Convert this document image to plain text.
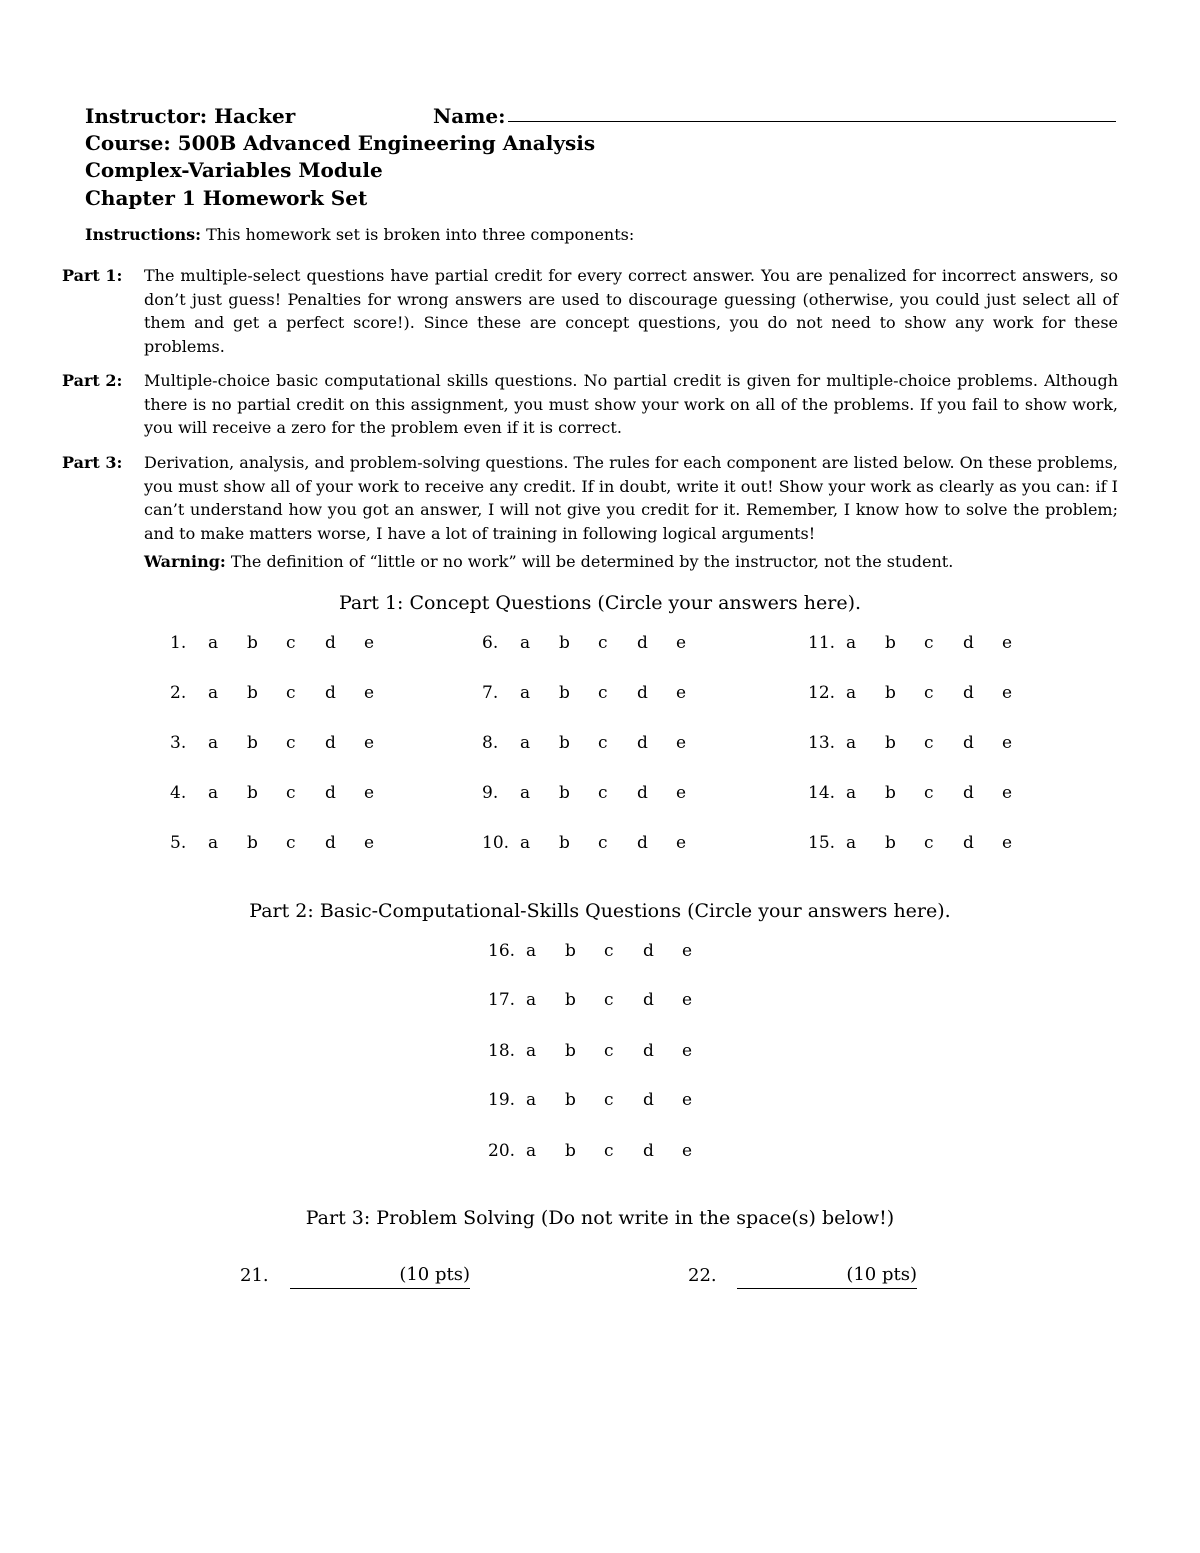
Instructor: Hacker	Name:
Course: 500B Advanced Engineering Analysis
Complex-Variables Module
Chapter 1 Homework Set
Instructions: This homework set is broken into three components:
Part 1: The multiple-select questions have partial credit for every correct answer. You are penalized for incorrect answers, so don’t just guess! Penalties for wrong answers are used to discourage guessing (otherwise, you could just select all of them and get a perfect score!). Since these are concept questions, you do not need to show any work for these problems.
Part 2: Multiple-choice basic computational skills questions. No partial credit is given for multiple-choice problems. Although there is no partial credit on this assignment, you must show your work on all of the problems. If you fail to show work, you will receive a zero for the problem even if it is correct.
Part 3: Derivation, analysis, and problem-solving questions. The rules for each component are listed below. On these problems, you must show all of your work to receive any credit. If in doubt, write it out! Show your work as clearly as you can: if I can’t understand how you got an answer, I will not give you credit for it. Remember, I know how to solve the problem; and to make matters worse, I have a lot of training in following logical arguments!
Warning: The definition of “little or no work” will be determined by the instructor, not the student.
Part 1: Concept Questions (Circle your answers here).
1. a b c d e
2. a b c d e
3. a b c d e
4. a b c d e
5. a b c d e
6. a b c d e
7. a b c d e
8. a b c d e
9. a b c d e
10. a b c d e
11. a b c d e
12. a b c d e
13. a b c d e
14. a b c d e
15. a b c d e
Part 2: Basic-Computational-Skills Questions (Circle your answers here).
16. a b c d e
17. a b c d e
18. a b c d e
19. a b c d e
20. a b c d e
Part 3: Problem Solving (Do not write in the space(s) below!)
21.	(10 pts)	22.	(10 pts)
